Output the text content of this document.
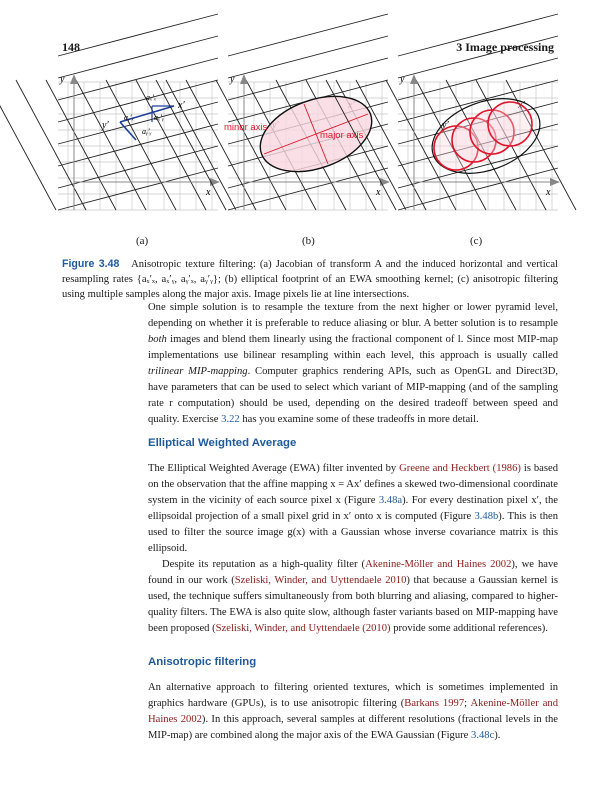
148	3 Image processing
y
x
x′
y′
aₓ′ₓ
aₓ′ᵧ
aᵧ′ₓ
aᵧ′ᵧ
y
x
minor axis
major axis
y
x
x′
y′
(a)	(b)	(c)
Figure 3.48 Anisotropic texture filtering: (a) Jacobian of transform A and the induced horizontal and vertical resampling rates {aₓ′ₓ, aₓ′ᵧ, aᵧ′ₓ, aᵧ′ᵧ}; (b) elliptical footprint of an EWA smoothing kernel; (c) anisotropic filtering using multiple samples along the major axis. Image pixels lie at line intersections.

One simple solution is to resample the texture from the next higher or lower pyramid level, depending on whether it is preferable to reduce aliasing or blur. A better solution is to resample both images and blend them linearly using the fractional component of l. Since most MIP-map implementations use bilinear resampling within each level, this approach is usually called trilinear MIP-mapping. Computer graphics rendering APIs, such as OpenGL and Direct3D, have parameters that can be used to select which variant of MIP-mapping (and of the sampling rate r computation) should be used, depending on the desired tradeoff between speed and quality. Exercise 3.22 has you examine some of these tradeoffs in more detail.

Elliptical Weighted Average

The Elliptical Weighted Average (EWA) filter invented by Greene and Heckbert (1986) is based on the observation that the affine mapping x = Ax′ defines a skewed two-dimensional coordinate system in the vicinity of each source pixel x (Figure 3.48a). For every destination pixel x′, the ellipsoidal projection of a small pixel grid in x′ onto x is computed (Figure 3.48b). This is then used to filter the source image g(x) with a Gaussian whose inverse covariance matrix is this ellipsoid.

Despite its reputation as a high-quality filter (Akenine-Möller and Haines 2002), we have found in our work (Szeliski, Winder, and Uyttendaele 2010) that because a Gaussian kernel is used, the technique suffers simultaneously from both blurring and aliasing, compared to higher-quality filters. The EWA is also quite slow, although faster variants based on MIP-mapping have been proposed (Szeliski, Winder, and Uyttendaele (2010) provide some additional references).

Anisotropic filtering

An alternative approach to filtering oriented textures, which is sometimes implemented in graphics hardware (GPUs), is to use anisotropic filtering (Barkans 1997; Akenine-Möller and Haines 2002). In this approach, several samples at different resolutions (fractional levels in the MIP-map) are combined along the major axis of the EWA Gaussian (Figure 3.48c).
